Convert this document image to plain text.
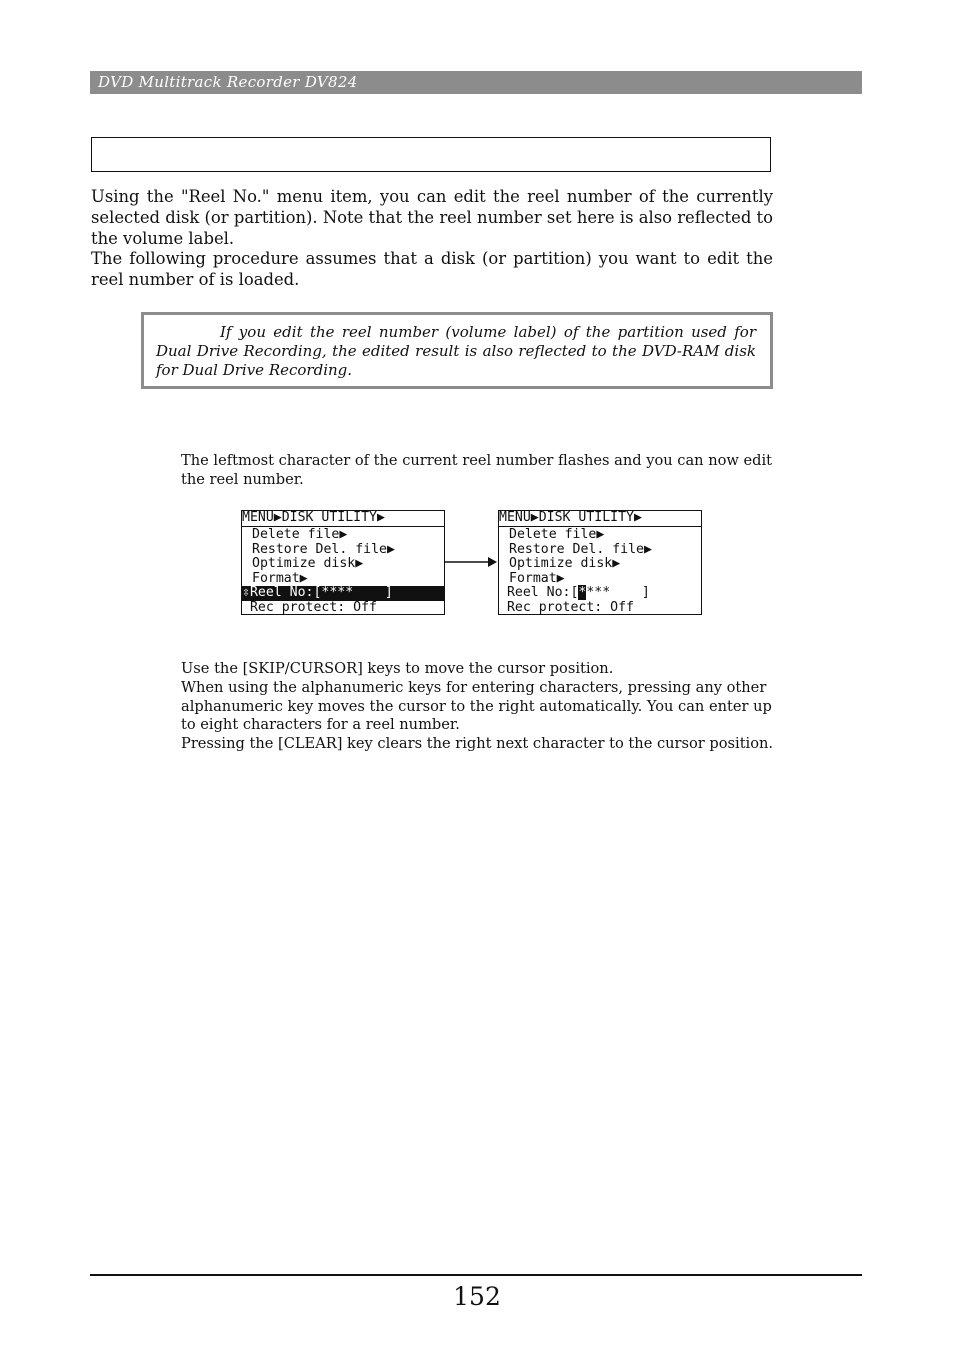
DVD Multitrack Recorder DV824

Using the "Reel No." menu item, you can edit the reel number of the currently selected disk (or partition). Note that the reel number set here is also reflected to the volume label.

The following procedure assumes that a disk (or partition) you want to edit the reel number of is loaded.

If you edit the reel number (volume label) of the partition used for Dual Drive Recording, the edited result is also reflected to the DVD-RAM disk for Dual Drive Recording.

The leftmost character of the current reel number flashes and you can now edit the reel number.

MENU▶DISK UTILITY▶
Delete file▶
Restore Del. file▶
Optimize disk▶
Format▶
⇳Reel No:[****    ]
Rec protect: Off
MENU▶DISK UTILITY▶
Delete file▶
Restore Del. file▶
Optimize disk▶
Format▶
Reel No:[****    ]
Rec protect: Off

Use the [SKIP/CURSOR] keys to move the cursor position.

When using the alphanumeric keys for entering characters, pressing any other alphanumeric key moves the cursor to the right automatically. You can enter up to eight characters for a reel number.

Pressing the [CLEAR] key clears the right next character to the cursor position.

152
